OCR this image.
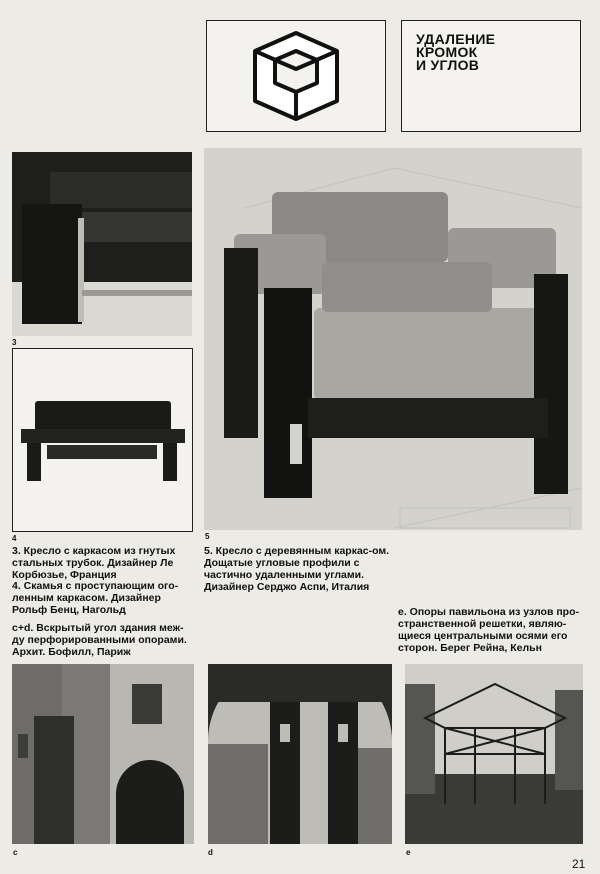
УДАЛЕНИЕ
КРОМОК
И УГЛОВ
3
4	5
3. Кресло с каркасом из гнутых стальных трубок. Дизайнер Ле Корбюзье, Франция
4. Скамья с проступающим ого-ленным каркасом. Дизайнер Рольф Бенц, Нагольд
c+d. Вскрытый угол здания меж-ду перфорированными опорами. Архит. Бофилл, Париж
5. Кресло с деревянным каркас-ом. Дощатые угловые профили с частично удаленными углами. Дизайнер Серджо Аспи, Италия
e. Опоры павильона из узлов про-странственной решетки, являю-щиеся центральными осями его сторон. Берег Рейна, Кельн
c	d	e
21
